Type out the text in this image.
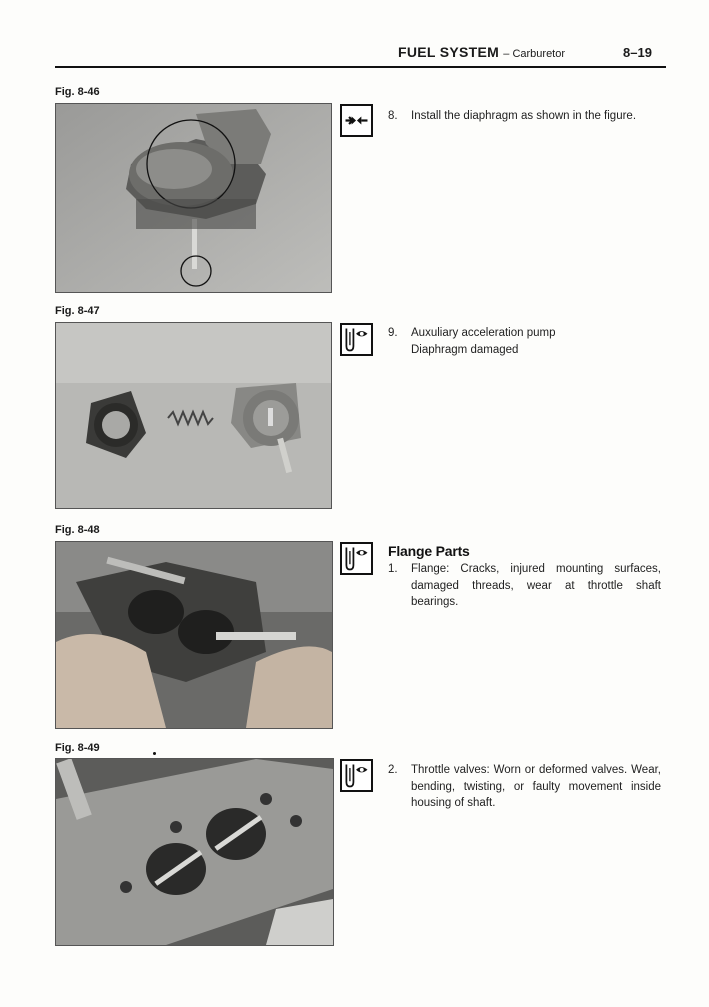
FUEL SYSTEM – Carburetor	8–19
Fig. 8-46
8. Install the diaphragm as shown in the figure.
Fig. 8-47
9. Auxuliary acceleration pump
Diaphragm damaged
Fig. 8-48
Flange Parts
1. Flange: Cracks, injured mounting surfaces, damaged threads, wear at throttle shaft bearings.
Fig. 8-49
2. Throttle valves: Worn or deformed valves. Wear, bending, twisting, or faulty movement inside housing of shaft.
